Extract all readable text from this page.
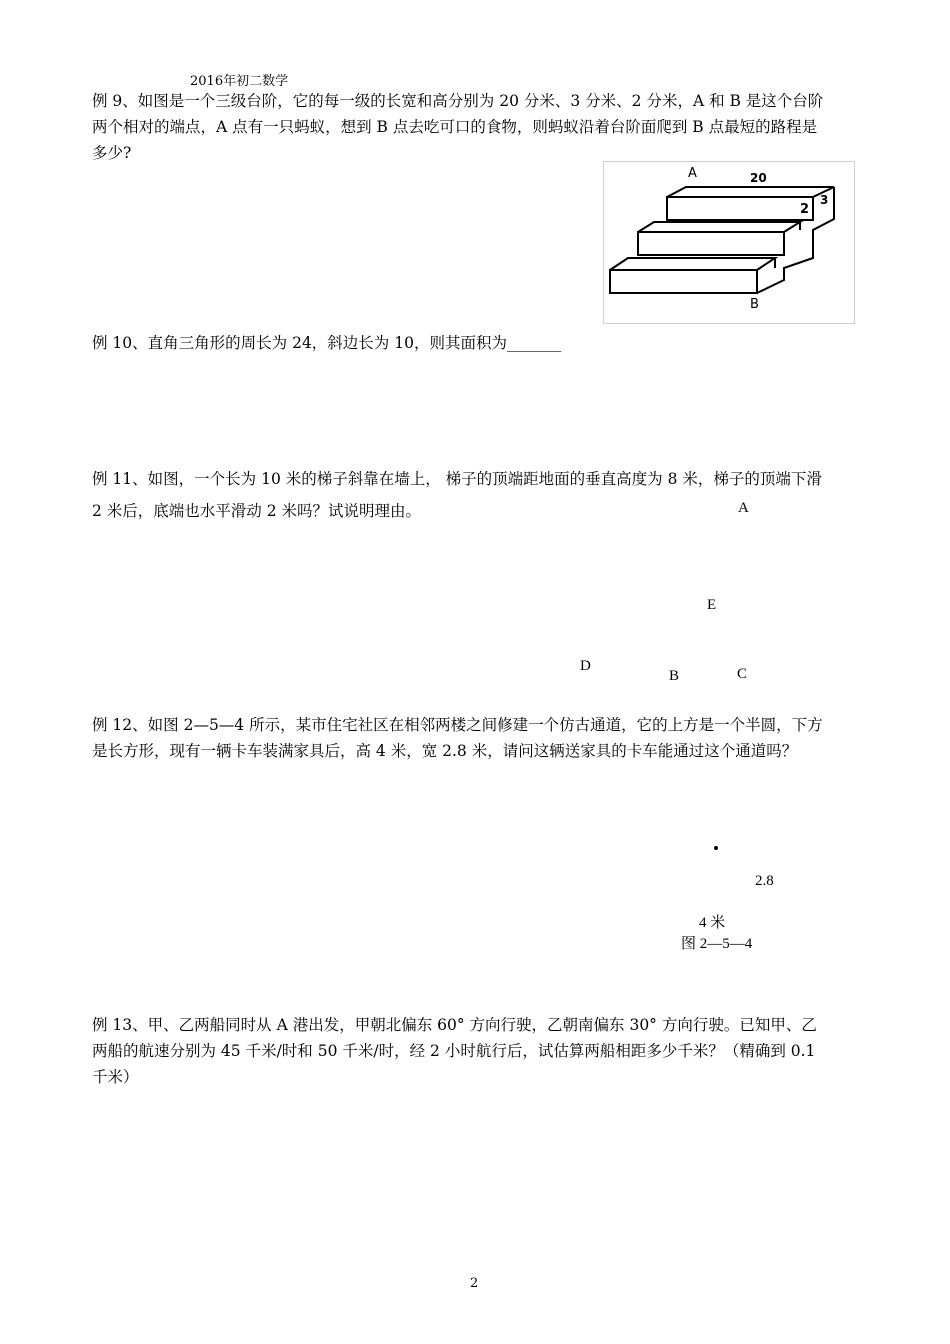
2016年初二数学
例 9、如图是一个三级台阶，它的每一级的长宽和高分别为 20 分米、3 分米、2 分米，A 和 B 是这个台阶
两个相对的端点，A 点有一只蚂蚁，想到 B 点去吃可口的食物，则蚂蚁沿着台阶面爬到 B 点最短的路程是
多少?
A	20
3
2
B
例 10、直角三角形的周长为 24，斜边长为 10，则其面积为_______
例 11、如图，一个长为 10 米的梯子斜靠在墙上， 梯子的顶端距地面的垂直高度为 8 米，梯子的顶端下滑
2 米后，底端也水平滑动 2 米吗？试说明理由。	A
E
D
B	C
例 12、如图 2—5—4 所示，某市住宅社区在相邻两楼之间修建一个仿古通道，它的上方是一个半圆，下方
是长方形，现有一辆卡车装满家具后，高 4 米，宽 2.8 米，请问这辆送家具的卡车能通过这个通道吗？
2.8
4 米
图 2—5—4
例 13、甲、乙两船同时从 A 港出发，甲朝北偏东 60° 方向行驶，乙朝南偏东 30° 方向行驶。已知甲、乙
两船的航速分别为 45 千米/时和 50 千米/时，经 2 小时航行后，试估算两船相距多少千米？（精确到 0.1
千米）
2
